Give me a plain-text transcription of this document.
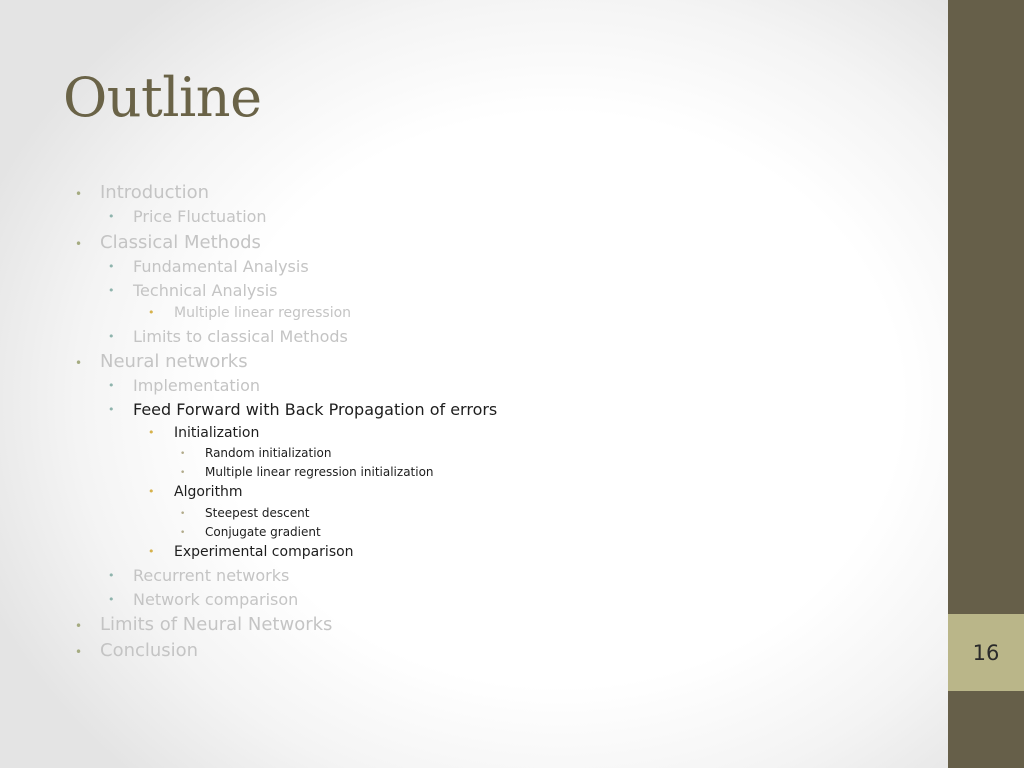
Outline
• Introduction
• Price Fluctuation
• Classical Methods
• Fundamental Analysis
• Technical Analysis
• Multiple linear regression
• Limits to classical Methods
• Neural networks
• Implementation
• Feed Forward with Back Propagation of errors
• Initialization
• Random initialization
• Multiple linear regression initialization
• Algorithm
• Steepest descent
• Conjugate gradient
• Experimental comparison
• Recurrent networks
• Network comparison
• Limits of Neural Networks
• Conclusion	16
